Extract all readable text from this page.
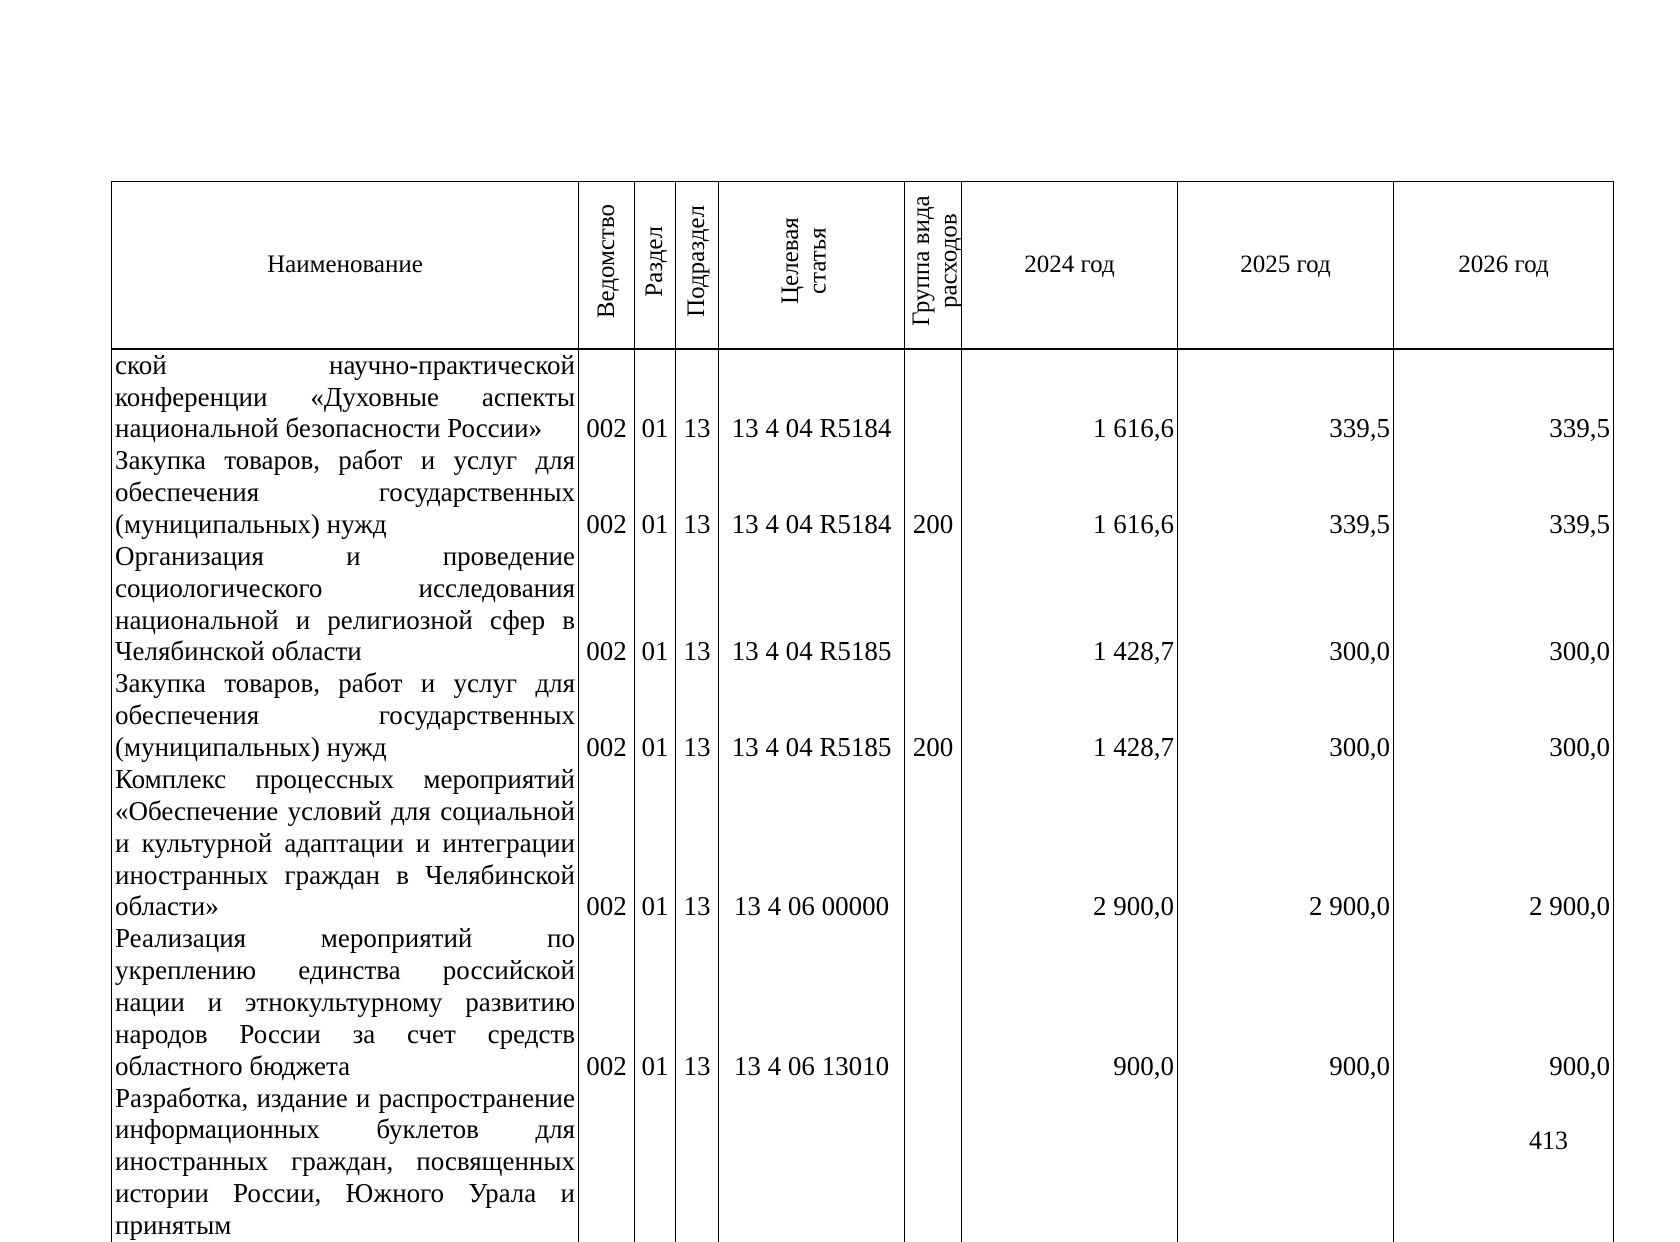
Наименование	Ведомство	Раздел	Подраздел	Целевая статья	Группа вида расходов	2024 год	2025 год	2026 год
ской научно-практической конференции «Духовные аспекты национальной безопасности России»	002	01	13	13 4 04 R5184		1 616,6	339,5	339,5
Закупка товаров, работ и услуг для обеспечения государственных (муниципальных) нужд	002	01	13	13 4 04 R5184	200	1 616,6	339,5	339,5
Организация и проведение социологического исследования национальной и религиозной сфер в Челябинской области	002	01	13	13 4 04 R5185		1 428,7	300,0	300,0
Закупка товаров, работ и услуг для обеспечения государственных (муниципальных) нужд	002	01	13	13 4 04 R5185	200	1 428,7	300,0	300,0
Комплекс процессных мероприятий «Обеспечение условий для социальной и культурной адаптации и интеграции иностранных граждан в Челябинской области»	002	01	13	13 4 06 00000		2 900,0	2 900,0	2 900,0
Реализация мероприятий по укреплению единства российской нации и этнокультурному развитию народов России за счет средств областного бюджета	002	01	13	13 4 06 13010		900,0	900,0	900,0
Разработка, издание и распространение информационных буклетов для иностранных граждан, посвященных истории России, Южного Урала и принятым								
413
